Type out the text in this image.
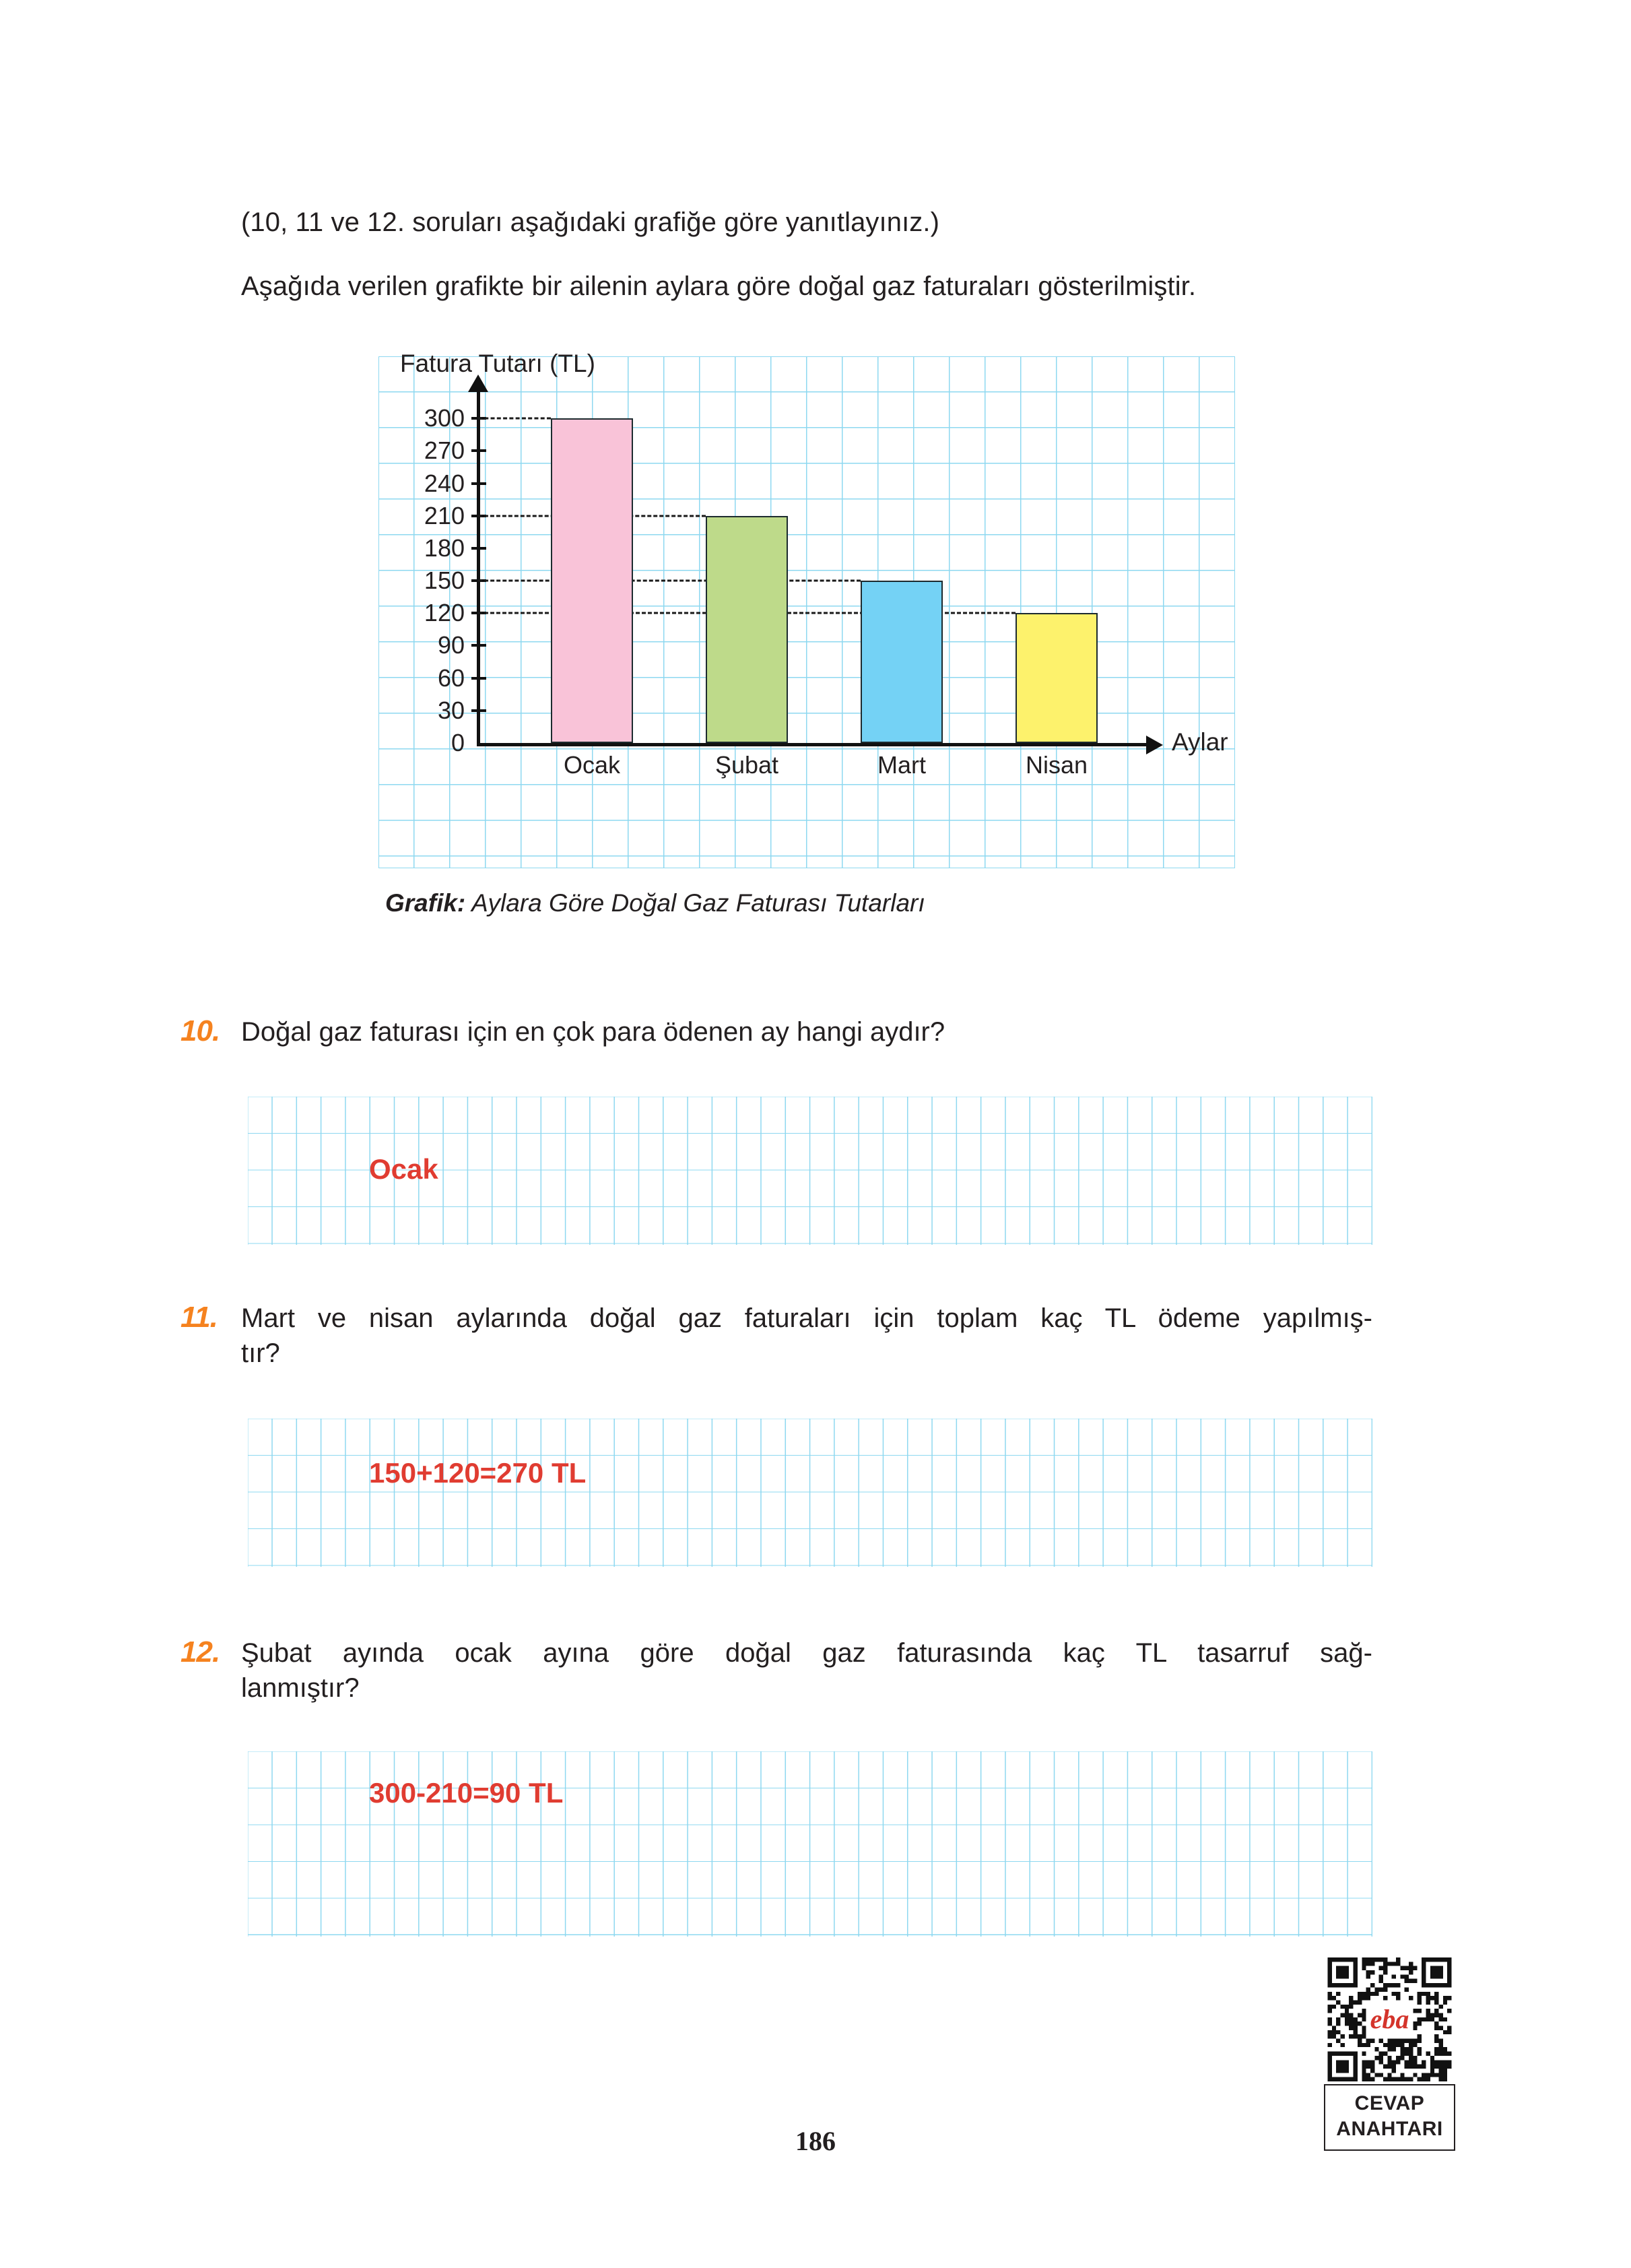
(10, 11 ve 12. soruları aşağıdaki grafiğe göre yanıtlayınız.)
Aşağıda verilen grafikte bir ailenin aylara göre doğal gaz faturaları gösterilmiştir.
Fatura Tutarı (TL)
Aylar
0
30
60
90
120
150
180
210
240
270
300
Ocak	Şubat	Mart	Nisan
Grafik: Aylara Göre Doğal Gaz Faturası Tutarları
10. Doğal gaz faturası için en çok para ödenen ay hangi aydır?
Ocak
11. Mart ve nisan aylarında doğal gaz faturaları için toplam kaç TL ödeme yapılmış-
tır?
150+120=270 TL
12. Şubat ayında ocak ayına göre doğal gaz faturasında kaç TL tasarruf sağ-
lanmıştır?
300-210=90 TL
eba
CEVAP
ANAHTARI
186
